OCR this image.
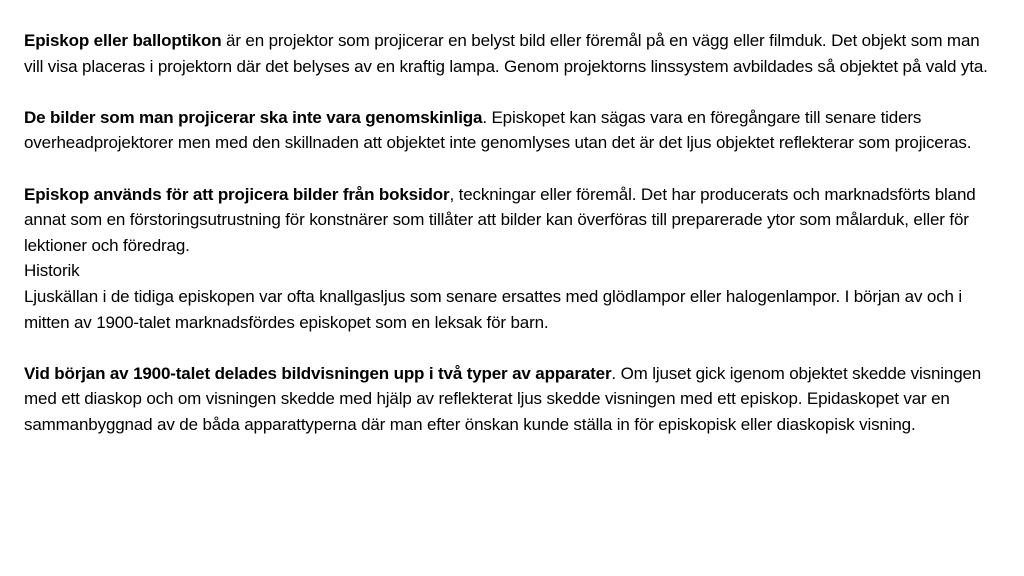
Episkop eller balloptikon är en projektor som projicerar en belyst bild eller föremål på en vägg eller filmduk. Det objekt som man vill visa placeras i projektorn där det belyses av en kraftig lampa. Genom projektorns linssystem avbildades så objektet på vald yta.

De bilder som man projicerar ska inte vara genomskinliga. Episkopet kan sägas vara en föregångare till senare tiders overheadprojektorer men med den skillnaden att objektet inte genomlyses utan det är det ljus objektet reflekterar som projiceras.

Episkop används för att projicera bilder från boksidor, teckningar eller föremål. Det har producerats och marknadsförts bland annat som en förstoringsutrustning för konstnärer som tillåter att bilder kan överföras till preparerade ytor som målarduk, eller för lektioner och föredrag.

Historik

Ljuskällan i de tidiga episkopen var ofta knallgasljus som senare ersattes med glödlampor eller halogenlampor. I början av och i mitten av 1900-talet marknadsfördes episkopet som en leksak för barn.

Vid början av 1900-talet delades bildvisningen upp i två typer av apparater. Om ljuset gick igenom objektet skedde visningen med ett diaskop och om visningen skedde med hjälp av reflekterat ljus skedde visningen med ett episkop. Epidaskopet var en sammanbyggnad av de båda apparattyperna där man efter önskan kunde ställa in för episkopisk eller diaskopisk visning.
